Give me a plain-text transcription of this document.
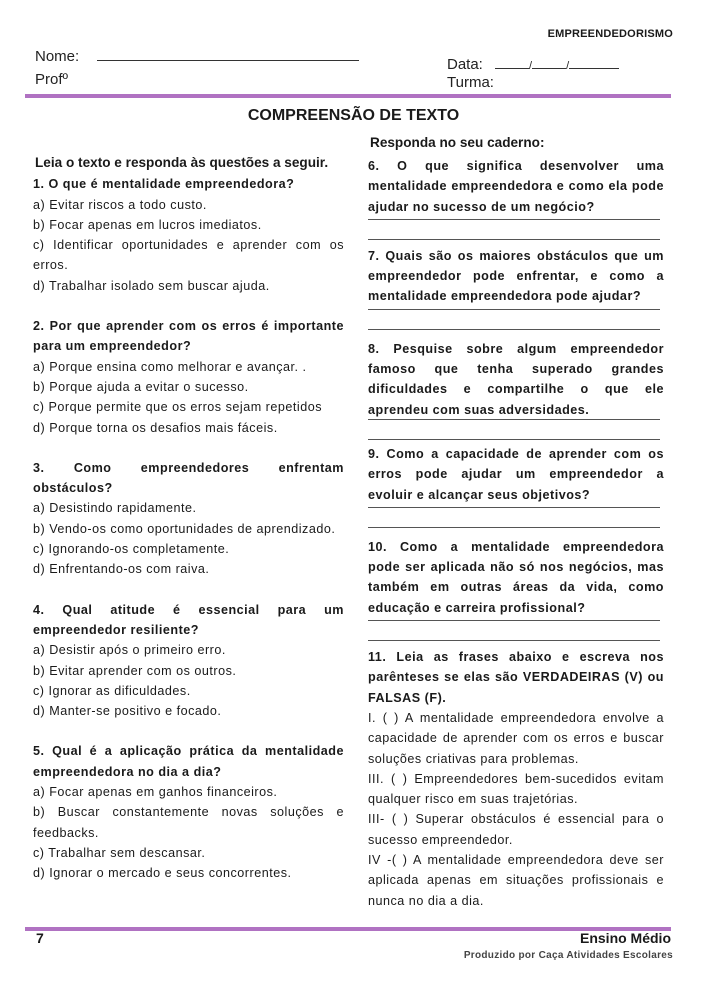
EMPREENDEDORISMO
Nome:
Profº
Data:	/	/
Turma:
COMPREENSÃO DE TEXTO
Leia o texto e responda às questões a seguir.
1. O que é mentalidade empreendedora?
a) Evitar riscos a todo custo.
b) Focar apenas em lucros imediatos.
c) Identificar oportunidades e aprender com os erros.
d) Trabalhar isolado sem buscar ajuda.
2. Por que aprender com os erros é importante para um empreendedor?
a) Porque ensina como melhorar e avançar. .
b) Porque ajuda a evitar o sucesso.
c) Porque permite que os erros sejam repetidos
d) Porque torna os desafios mais fáceis.
3. Como empreendedores enfrentam obstáculos?
a) Desistindo rapidamente.
b) Vendo-os como oportunidades de aprendizado.
c) Ignorando-os completamente.
d) Enfrentando-os com raiva.
4. Qual atitude é essencial para um empreendedor resiliente?
a) Desistir após o primeiro erro.
b) Evitar aprender com os outros.
c) Ignorar as dificuldades.
d) Manter-se positivo e focado.
5. Qual é a aplicação prática da mentalidade empreendedora no dia a dia?
a) Focar apenas em ganhos financeiros.
b) Buscar constantemente novas soluções e feedbacks.
c) Trabalhar sem descansar.
d) Ignorar o mercado e seus concorrentes.
Responda no seu caderno:
6. O que significa desenvolver uma mentalidade empreendedora e como ela pode ajudar no sucesso de um negócio?
7. Quais são os maiores obstáculos que um empreendedor pode enfrentar, e como a mentalidade empreendedora pode ajudar?
8. Pesquise sobre algum empreendedor famoso que tenha superado grandes dificuldades e compartilhe o que ele aprendeu com suas adversidades.
9. Como a capacidade de aprender com os erros pode ajudar um empreendedor a evoluir e alcançar seus objetivos?
10. Como a mentalidade empreendedora pode ser aplicada não só nos negócios, mas também em outras áreas da vida, como educação e carreira profissional?
11. Leia as frases abaixo e escreva nos parênteses se elas são VERDADEIRAS (V) ou FALSAS (F).
I. ( ) A mentalidade empreendedora envolve a capacidade de aprender com os erros e buscar soluções criativas para problemas.
III. ( ) Empreendedores bem-sucedidos evitam qualquer risco em suas trajetórias.
III- ( ) Superar obstáculos é essencial para o sucesso empreendedor.
IV -( ) A mentalidade empreendedora deve ser aplicada apenas em situações profissionais e nunca no dia a dia.
7	Ensino Médio
Produzido por Caça Atividades Escolares
